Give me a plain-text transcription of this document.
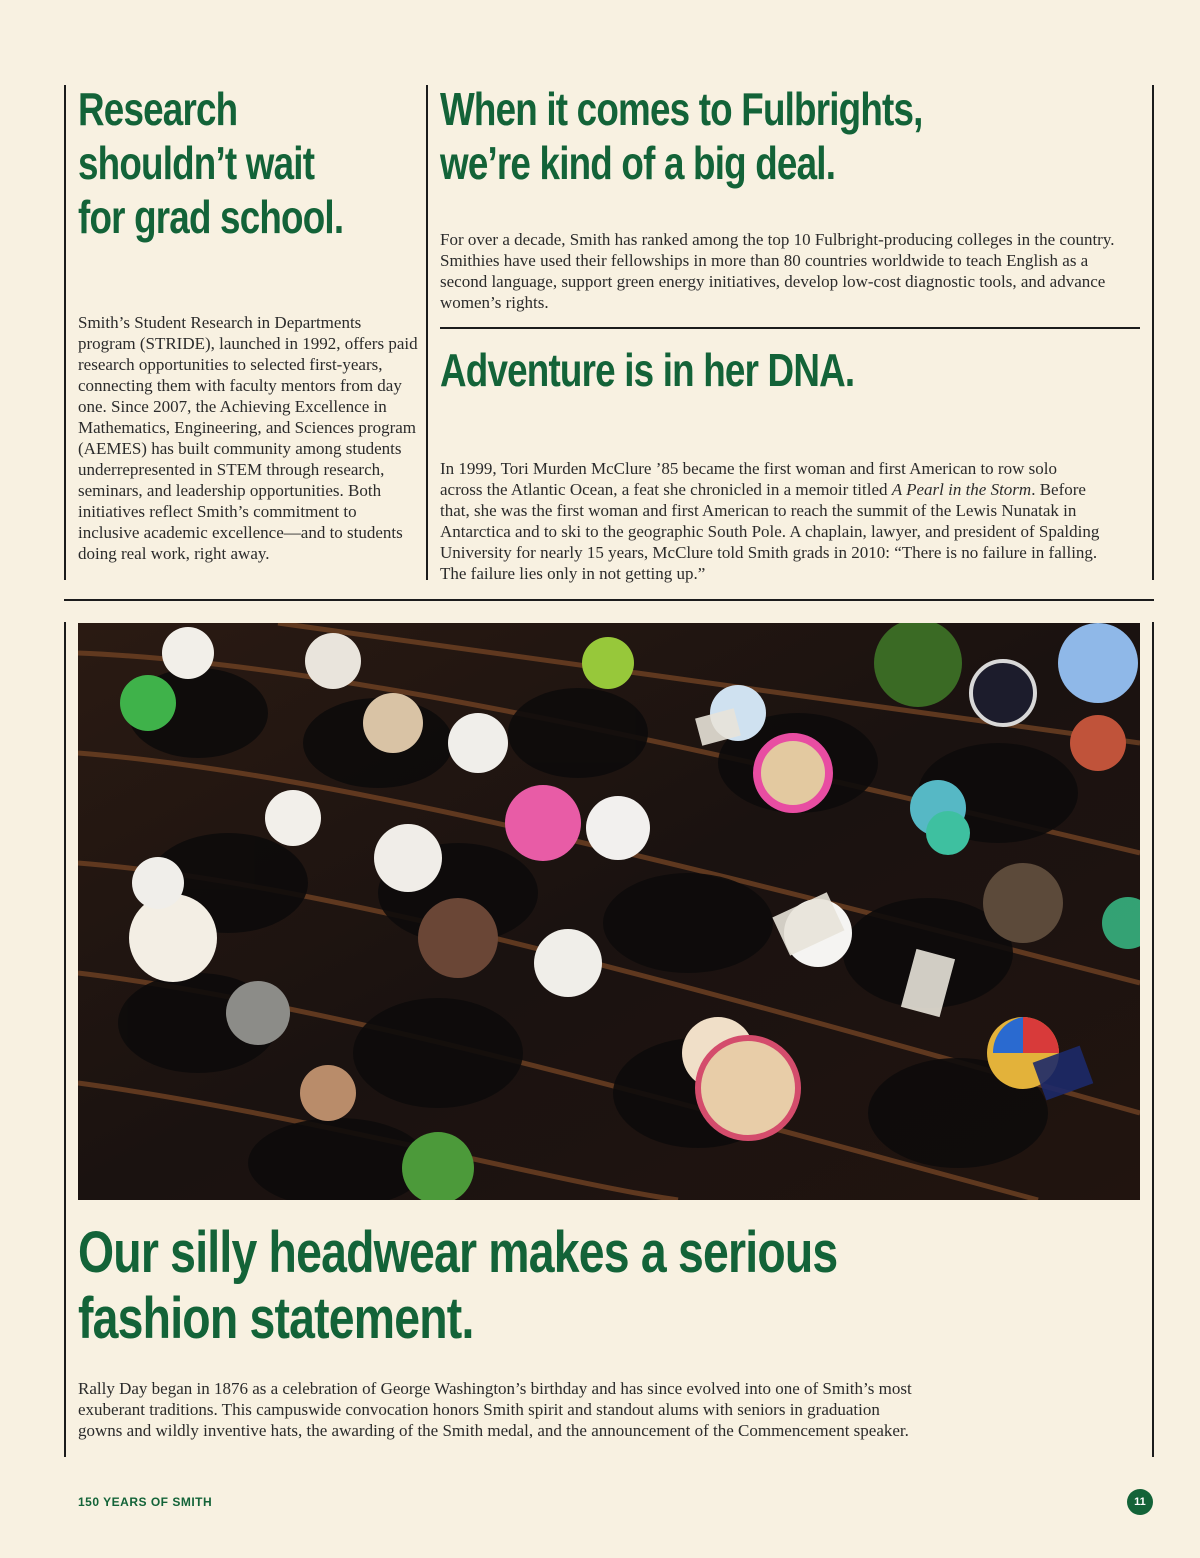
Research
shouldn’t wait
for grad school.

Smith’s Student Research in Departments program (STRIDE), launched in 1992, offers paid research opportunities to selected first-years, connecting them with faculty mentors from day one. Since 2007, the Achieving Excellence in Mathematics, Engineering, and Sciences program (AEMES) has built community among students underrepresented in STEM through research, seminars, and leadership opportunities. Both initiatives reflect Smith’s commitment to inclusive academic excellence—and to students doing real work, right away.

When it comes to Fulbrights,
we’re kind of a big deal.

For over a decade, Smith has ranked among the top 10 Fulbright-producing colleges in the country. Smithies have used their fellowships in more than 80 countries worldwide to teach English as a second language, support green energy initiatives, develop low-cost diagnostic tools, and advance women’s rights.

Adventure is in her DNA.

In 1999, Tori Murden McClure ’85 became the first woman and first American to row solo across the Atlantic Ocean, a feat she chronicled in a memoir titled A Pearl in the Storm. Before that, she was the first woman and first American to reach the summit of the Lewis Nunatak in Antarctica and to ski to the geographic South Pole. A chaplain, lawyer, and president of Spalding University for nearly 15 years, McClure told Smith grads in 2010: “There is no failure in falling. The failure lies only in not getting up.”

Our silly headwear makes a serious
fashion statement.

Rally Day began in 1876 as a celebration of George Washington’s birthday and has since evolved into one of Smith’s most exuberant traditions. This campuswide convocation honors Smith spirit and standout alums with seniors in graduation gowns and wildly inventive hats, the awarding of the Smith medal, and the announcement of the Commencement speaker.

150 YEARS OF SMITH	11
